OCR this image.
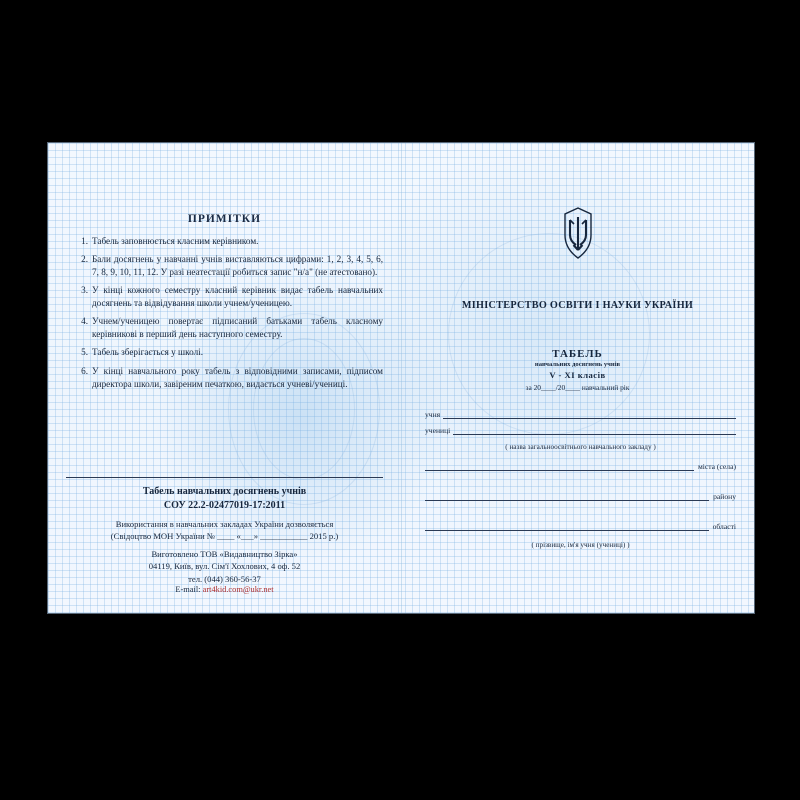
ПРИМІТКИ
Табель заповнюється класним керівником.
Бали досягнень у навчанні учнів виставляються цифрами: 1, 2, 3, 4, 5, 6, 7, 8, 9, 10, 11, 12. У разі неатестації робиться запис "н/а" (не атестовано).
У кінці кожного семестру класний керівник видає табель навчальних досягнень та відвідування школи учнем/ученицею.
Учнем/ученицею повертає підписаний батьками табель класному керівникові в перший день наступного семестру.
Табель зберігається у школі.
У кінці навчального року табель з відповідними записами, підписом директора школи, завіреним печаткою, видається учневі/учениці.
Табель навчальних досягнень учнів
СОУ 22.2-02477019-17:2011
Використання в навчальних закладах України дозволяється
(Свідоцтво МОН України № ____ «___» ___________ 2015 р.)
Виготовлено ТОВ «Видавництво Зірка»
04119, Київ, вул. Сім'ї Хохлових, 4 оф. 52
тел. (044) 360-56-37
E-mail: art4kid.com@ukr.net
МІНІСТЕРСТВО ОСВІТИ І НАУКИ УКРАЇНИ
ТАБЕЛЬ
навчальних досягнень учнів
V - XI класів
за 20____/20____ навчальний рік
учня
учениці
( назва загальноосвітнього навчального закладу )
міста (села)
району
області
( прізвище, ім'я учня (учениці) )
